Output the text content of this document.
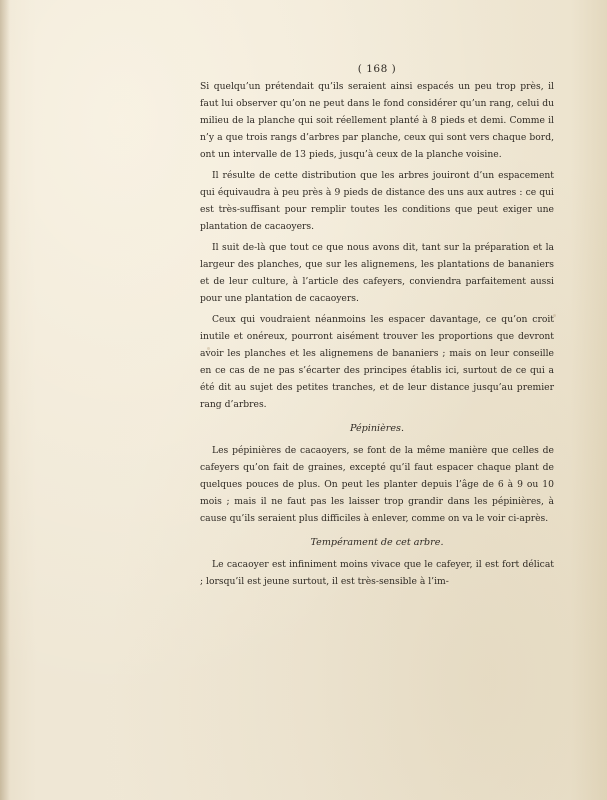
( 168 )

Si quelqu’un prétendait qu’ils seraient ainsi espacés un peu trop près, il faut lui observer qu’on ne peut dans le fond considérer qu’un rang, celui du milieu de la planche qui soit réellement planté à 8 pieds et demi. Comme il n’y a que trois rangs d’arbres par planche, ceux qui sont vers chaque bord, ont un intervalle de 13 pieds, jusqu’à ceux de la planche voisine.

Il résulte de cette distribution que les arbres jouiront d’un espacement qui équivaudra à peu près à 9 pieds de distance des uns aux autres : ce qui est très-suffisant pour remplir toutes les conditions que peut exiger une plantation de cacaoyers.

Il suit de-là que tout ce que nous avons dit, tant sur la préparation et la largeur des planches, que sur les alignemens, les plantations de bananiers et de leur culture, à l’article des cafeyers, conviendra parfaitement aussi pour une plantation de cacaoyers.

Ceux qui voudraient néanmoins les espacer davantage, ce qu’on croit inutile et onéreux, pourront aisément trouver les proportions que devront avoir les planches et les alignemens de bananiers ; mais on leur conseille en ce cas de ne pas s’écarter des principes établis ici, surtout de ce qui a été dit au sujet des petites tranches, et de leur distance jusqu’au premier rang d’arbres.

Pépinières.

Les pépinières de cacaoyers, se font de la même manière que celles de cafeyers qu’on fait de graines, excepté qu’il faut espacer chaque plant de quelques pouces de plus. On peut les planter depuis l’âge de 6 à 9 ou 10 mois ; mais il ne faut pas les laisser trop grandir dans les pépinières, à cause qu’ils seraient plus difficiles à enlever, comme on va le voir ci-après.

Tempérament de cet arbre.

Le cacaoyer est infiniment moins vivace que le cafeyer, il est fort délicat ; lorsqu’il est jeune surtout, il est très-sensible à l’im-
